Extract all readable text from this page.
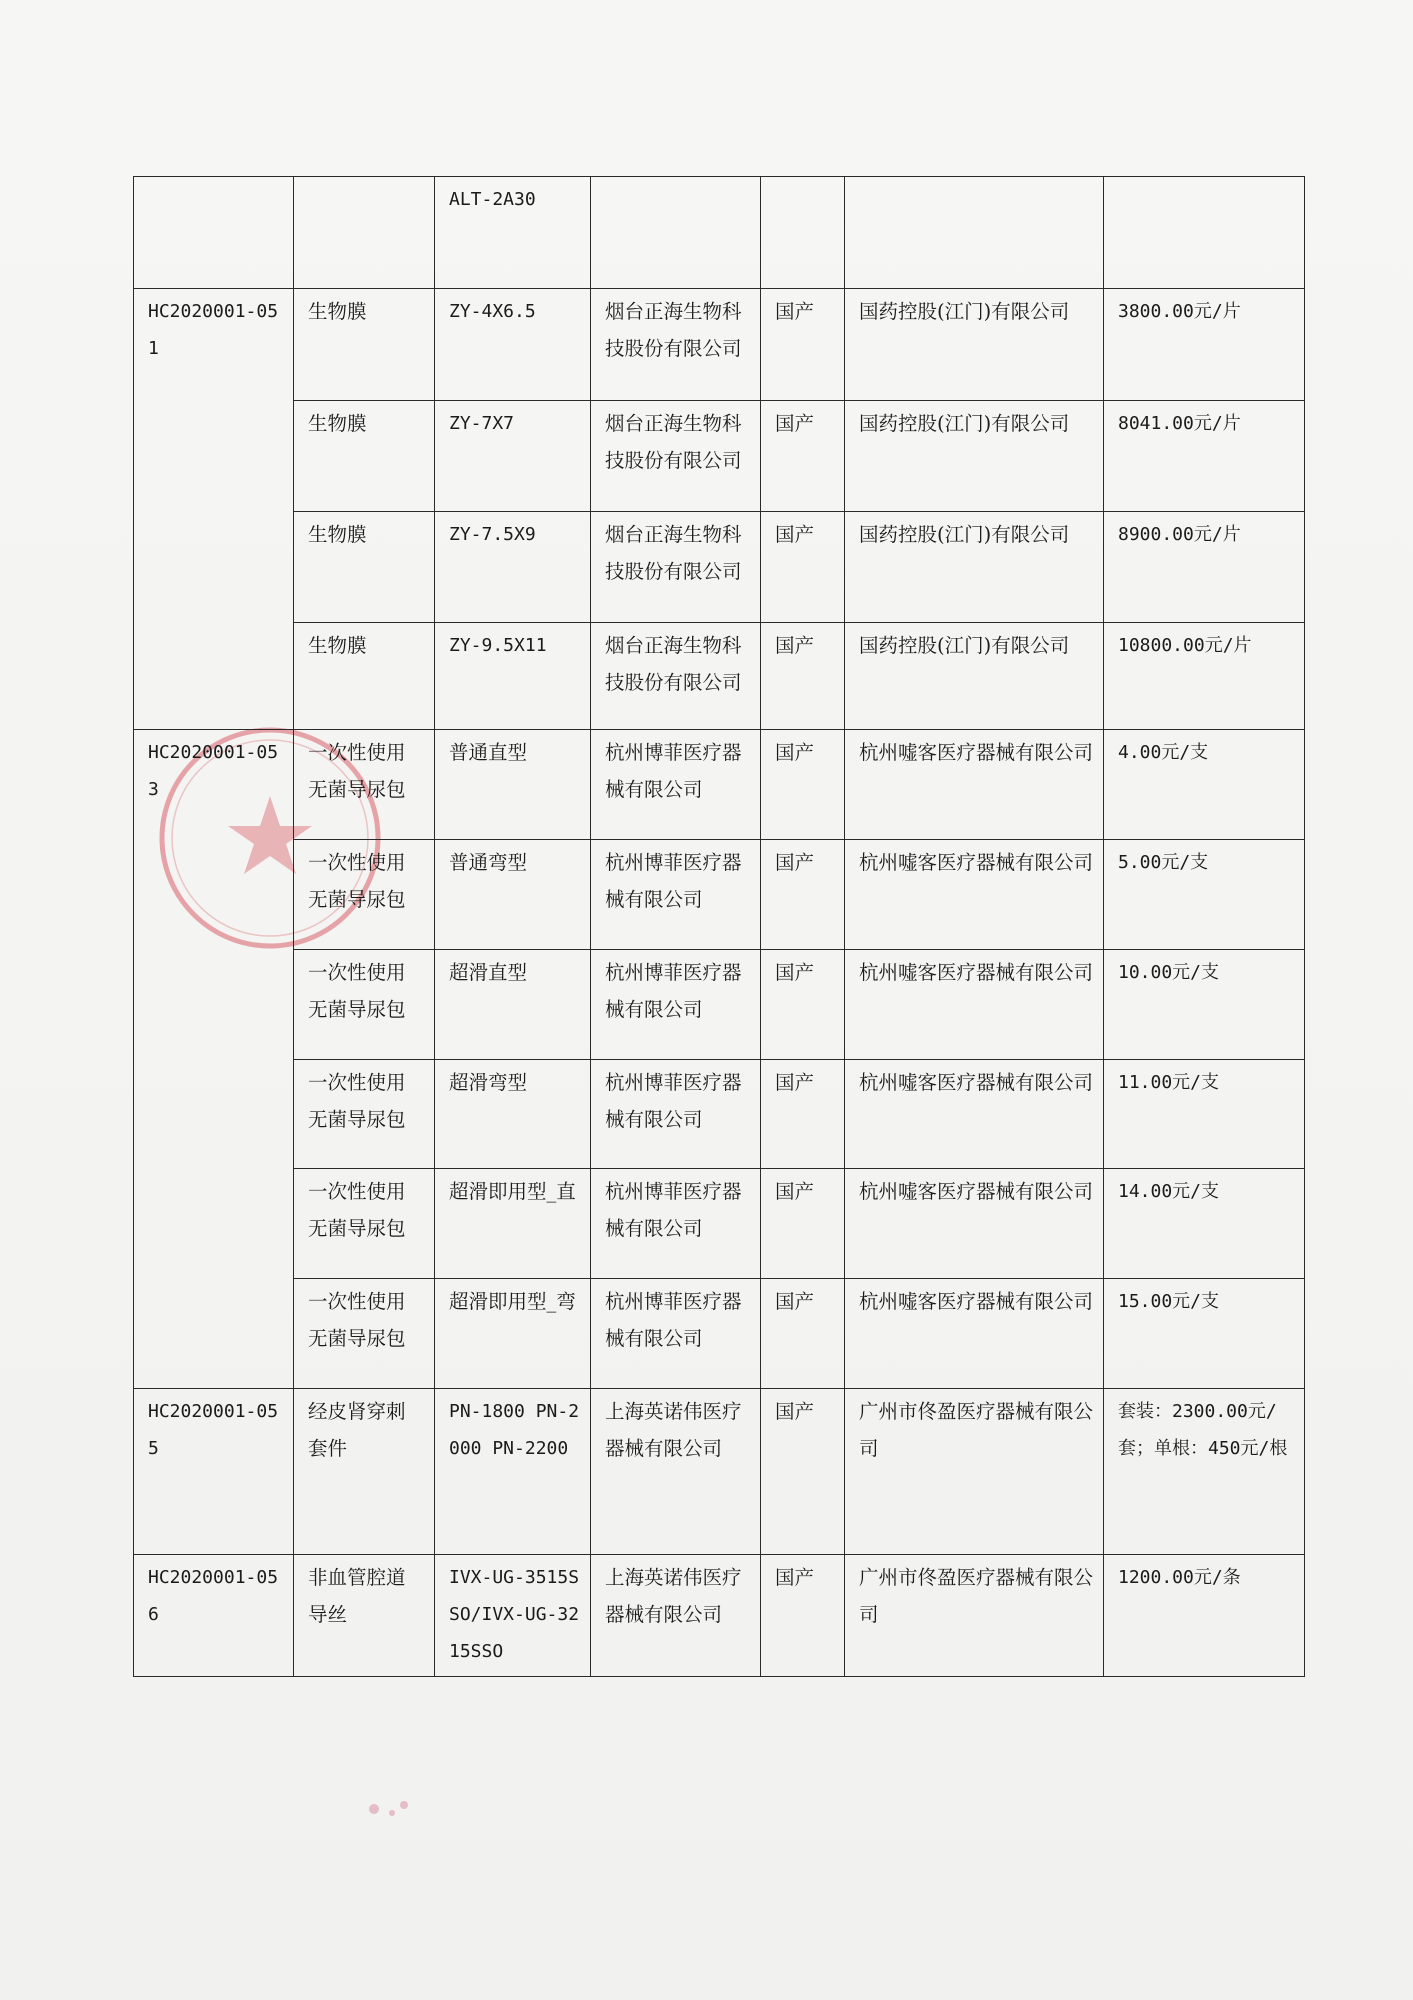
		ALT-2A30				
HC2020001-051	生物膜	ZY-4X6.5	烟台正海生物科技股份有限公司	国产	国药控股(江门)有限公司	3800.00元/片
	生物膜	ZY-7X7	烟台正海生物科技股份有限公司	国产	国药控股(江门)有限公司	8041.00元/片
	生物膜	ZY-7.5X9	烟台正海生物科技股份有限公司	国产	国药控股(江门)有限公司	8900.00元/片
	生物膜	ZY-9.5X11	烟台正海生物科技股份有限公司	国产	国药控股(江门)有限公司	10800.00元/片
HC2020001-053	一次性使用无菌导尿包	普通直型	杭州博菲医疗器械有限公司	国产	杭州嘘客医疗器械有限公司	4.00元/支
	一次性使用无菌导尿包	普通弯型	杭州博菲医疗器械有限公司	国产	杭州嘘客医疗器械有限公司	5.00元/支
	一次性使用无菌导尿包	超滑直型	杭州博菲医疗器械有限公司	国产	杭州嘘客医疗器械有限公司	10.00元/支
	一次性使用无菌导尿包	超滑弯型	杭州博菲医疗器械有限公司	国产	杭州嘘客医疗器械有限公司	11.00元/支
	一次性使用无菌导尿包	超滑即用型_直	杭州博菲医疗器械有限公司	国产	杭州嘘客医疗器械有限公司	14.00元/支
	一次性使用无菌导尿包	超滑即用型_弯	杭州博菲医疗器械有限公司	国产	杭州嘘客医疗器械有限公司	15.00元/支
HC2020001-055	经皮肾穿刺套件	PN-1800 PN-2000 PN-2200	上海英诺伟医疗器械有限公司	国产	广州市佟盈医疗器械有限公司	套装：2300.00元/套；单根：450元/根
HC2020001-056	非血管腔道导丝	IVX-UG-3515SSO/IVX-UG-3215SSO	上海英诺伟医疗器械有限公司	国产	广州市佟盈医疗器械有限公司	1200.00元/条
